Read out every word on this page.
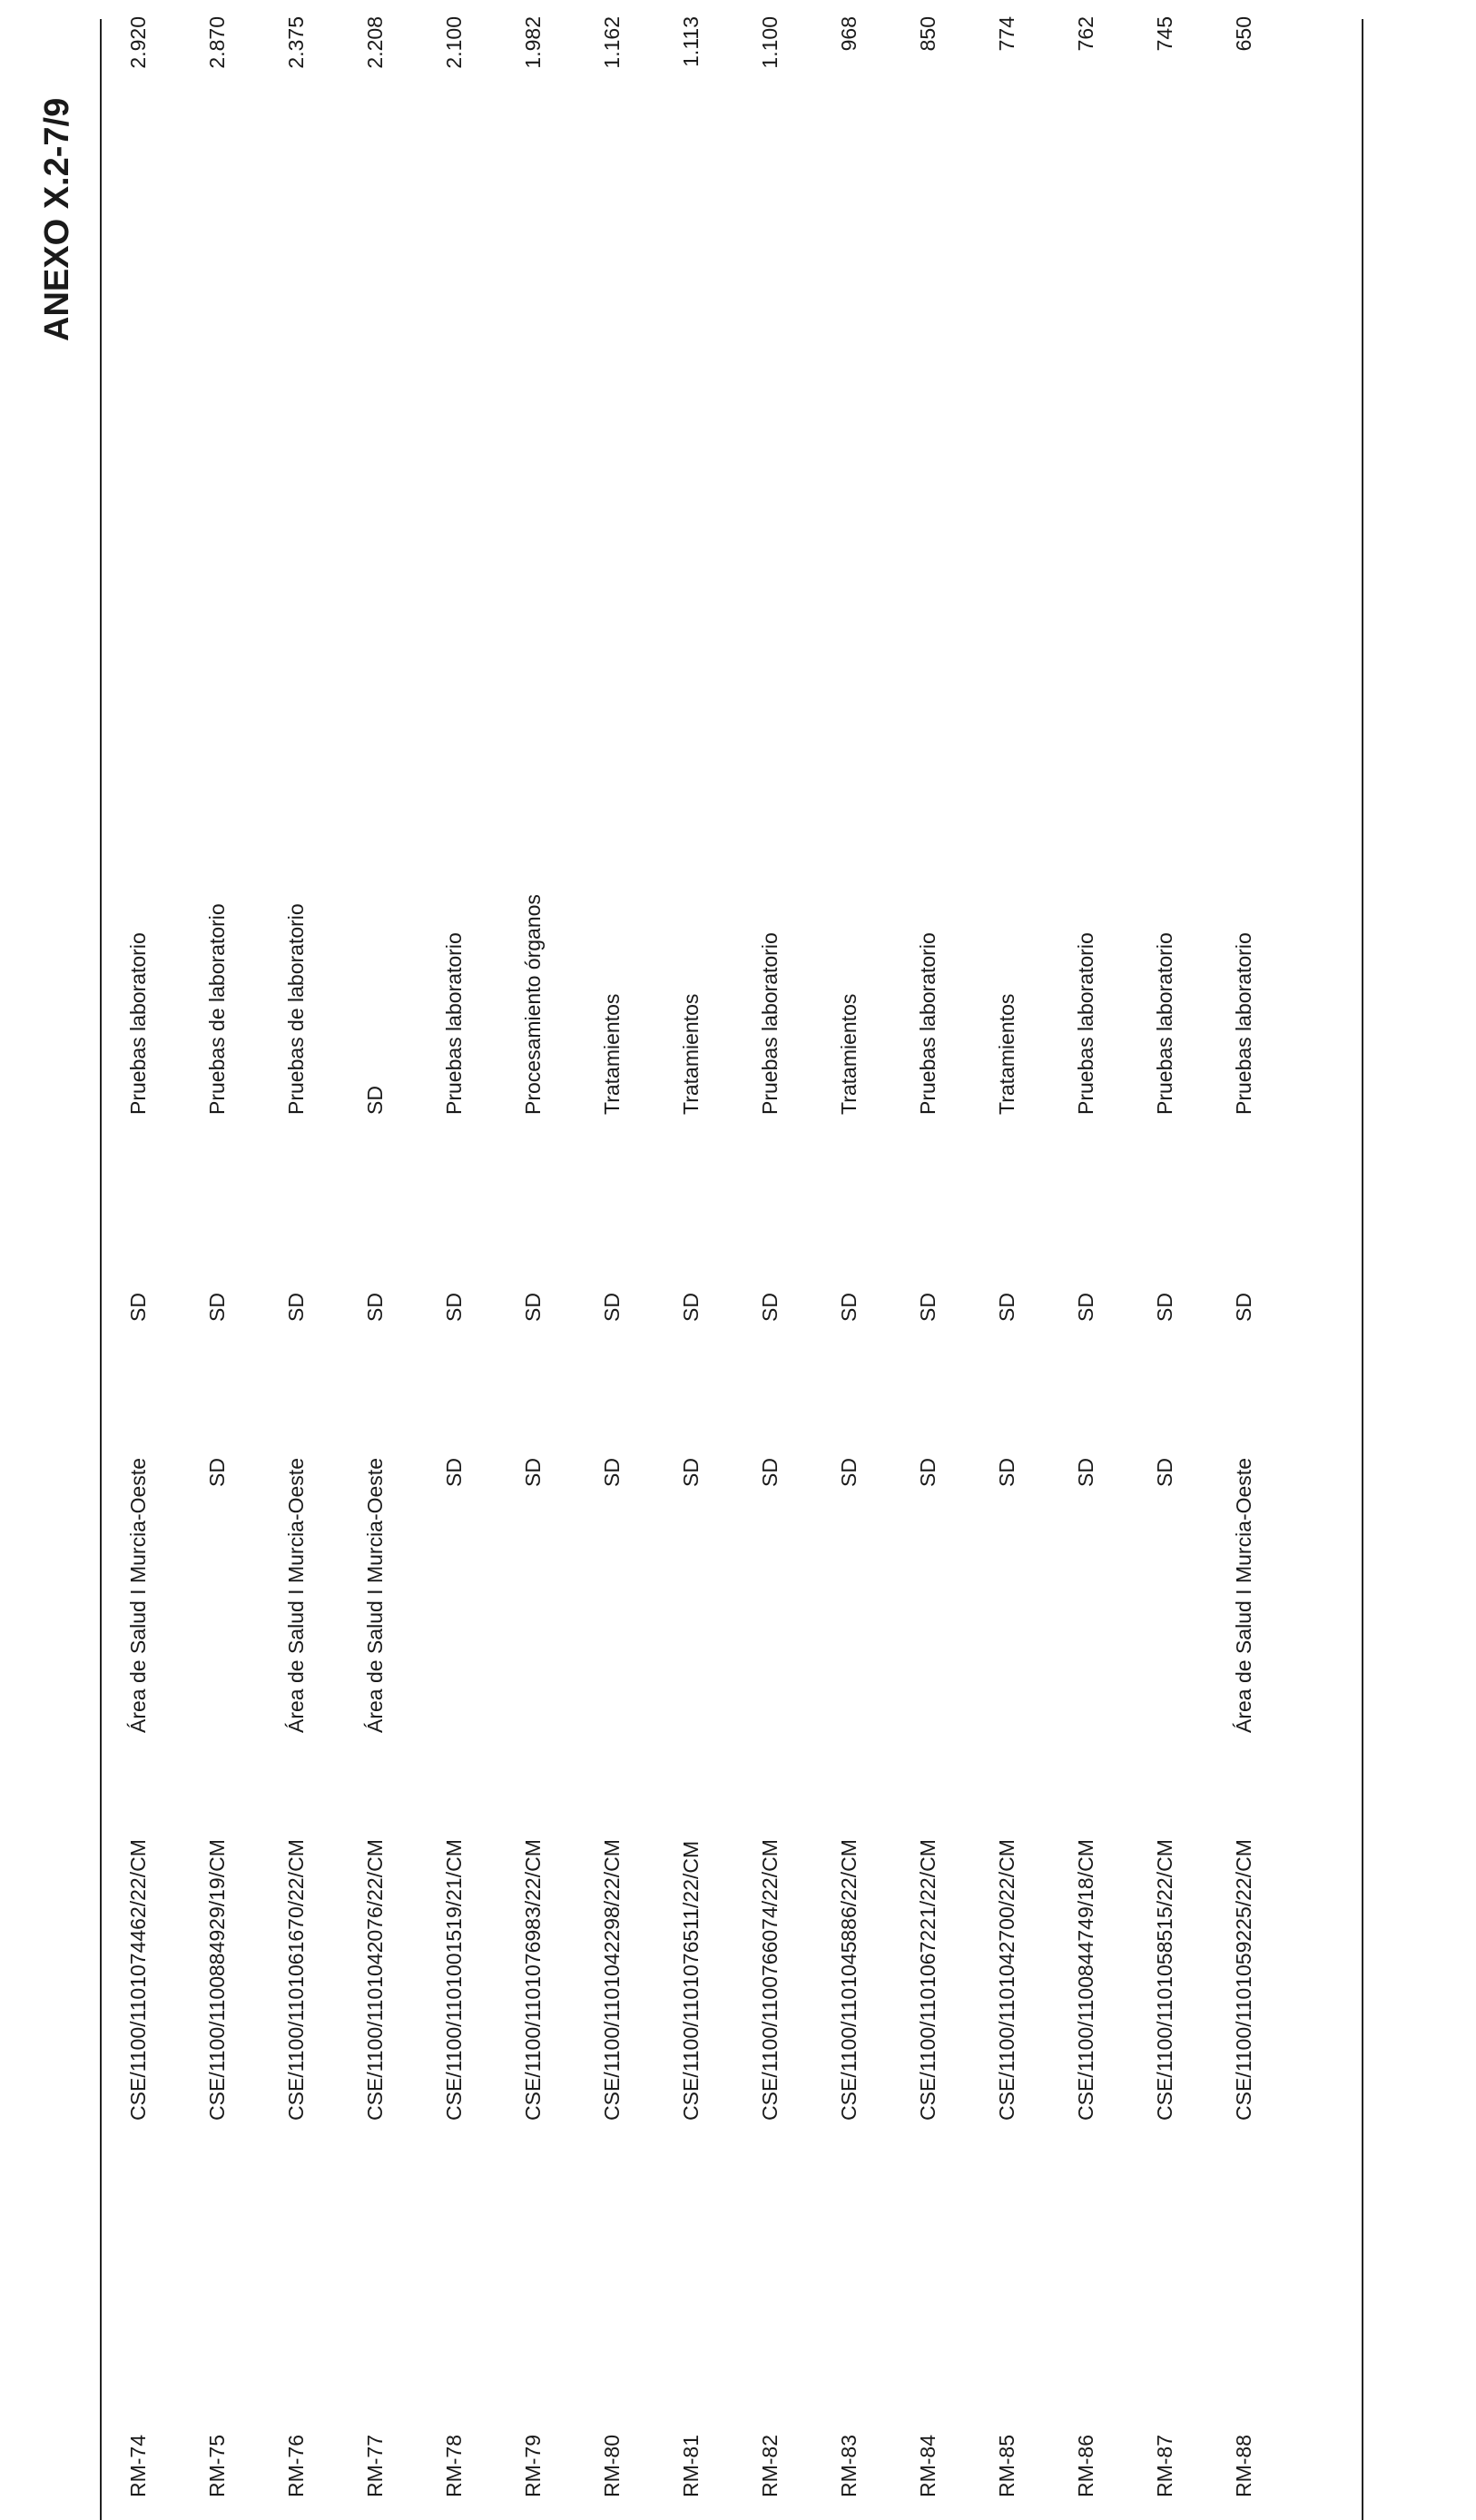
ANEXO X.2-7/9
RM-74
CSE/1100/1101074462/22/CM
Área de Salud I Murcia-Oeste
SD
Pruebas laboratorio
2.920
RM-75
CSE/1100/1100884929/19/CM
SD
SD
Pruebas de laboratorio
2.870
RM-76
CSE/1100/1101061670/22/CM
Área de Salud I Murcia-Oeste
SD
Pruebas de laboratorio
2.375
RM-77
CSE/1100/1101042076/22/CM
Área de Salud I Murcia-Oeste
SD
SD
2.208
RM-78
CSE/1100/1101001519/21/CM
SD
SD
Pruebas laboratorio
2.100
RM-79
CSE/1100/1101076983/22/CM
SD
SD
Procesamiento órganos
1.982
RM-80
CSE/1100/1101042298/22/CM
SD
SD
Tratamientos
1.162
RM-81
CSE/1100/1101076511/22/CM
SD
SD
Tratamientos
1.113
RM-82
CSE/1100/1100766074/22/CM
SD
SD
Pruebas laboratorio
1.100
RM-83
CSE/1100/1101045886/22/CM
SD
SD
Tratamientos
968
RM-84
CSE/1100/1101067221/22/CM
SD
SD
Pruebas laboratorio
850
RM-85
CSE/1100/1101042700/22/CM
SD
SD
Tratamientos
774
RM-86
CSE/1100/1100844749/18/CM
SD
SD
Pruebas laboratorio
762
RM-87
CSE/1100/1101058515/22/CM
SD
SD
Pruebas laboratorio
745
RM-88
CSE/1100/1101059225/22/CM
Área de Salud I Murcia-Oeste
SD
Pruebas laboratorio
650
